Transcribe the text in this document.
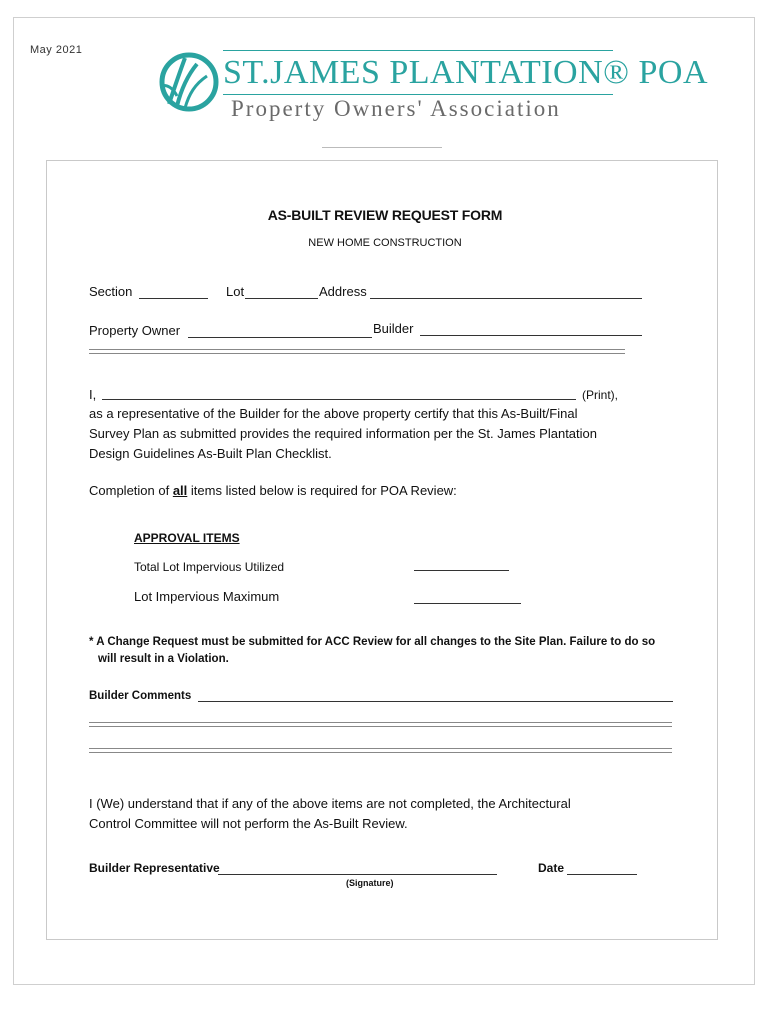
May 2021
ST.JAMES PLANTATION® POA
Property Owners' Association
AS-BUILT REVIEW REQUEST FORM
NEW HOME CONSTRUCTION
Section	Lot	Address
Property Owner	Builder
I,	(Print),
as a representative of the Builder for the above property certify that this As-Built/Final
Survey Plan as submitted provides the required information per the St. James Plantation
Design Guidelines As-Built Plan Checklist.
Completion of all items listed below is required for POA Review:
APPROVAL ITEMS
Total Lot Impervious Utilized
Lot Impervious Maximum
* A Change Request must be submitted for ACC Review for all changes to the Site Plan. Failure to do so
will result in a Violation.
Builder Comments
I (We) understand that if any of the above items are not completed, the Architectural
Control Committee will not perform the As-Built Review.
Builder Representative
(Signature)
Date
